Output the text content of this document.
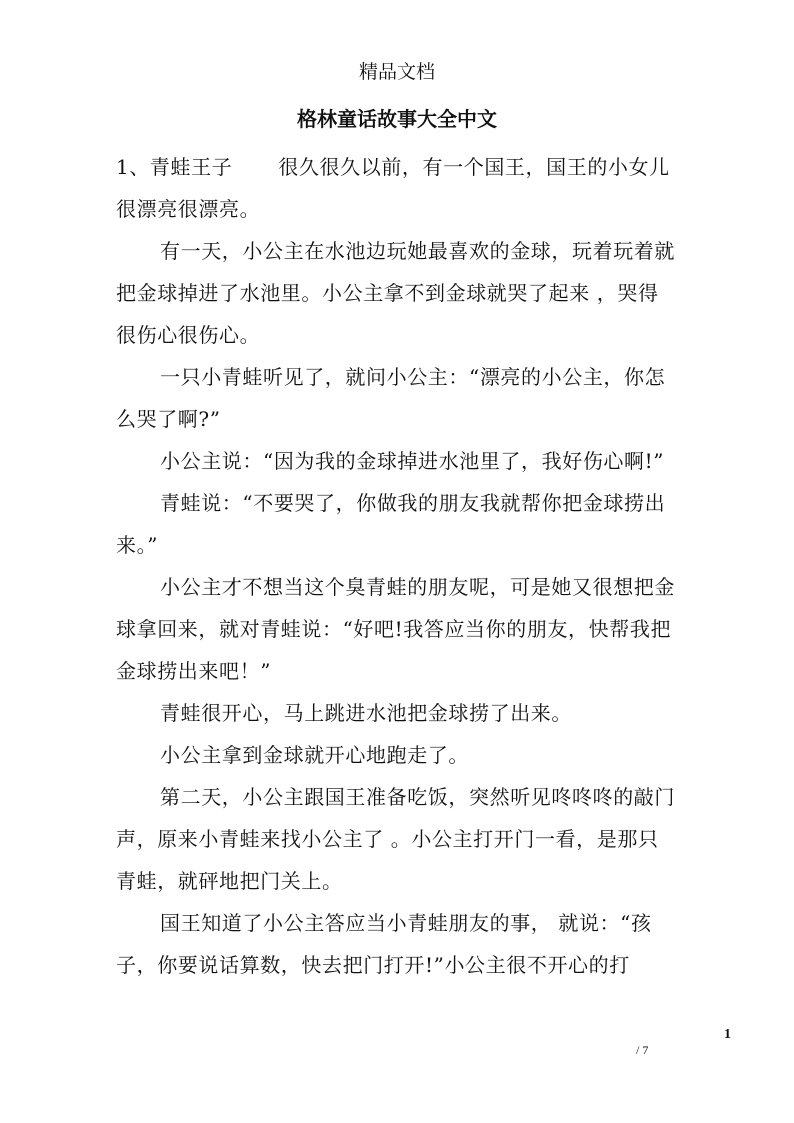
精品文档
格林童话故事大全中文

1、青蛙王子 很久很久以前，有一个国王，国王的小女儿很漂亮很漂亮。

有一天，小公主在水池边玩她最喜欢的金球，玩着玩着就把金球掉进了水池里。小公主拿不到金球就哭了起来 ，哭得很伤心很伤心。

一只小青蛙听见了，就问小公主：“漂亮的小公主，你怎么哭了啊?”

小公主说：“因为我的金球掉进水池里了，我好伤心啊!”

青蛙说：“不要哭了，你做我的朋友我就帮你把金球捞出来。”

小公主才不想当这个臭青蛙的朋友呢，可是她又很想把金球拿回来，就对青蛙说：“好吧!我答应当你的朋友，快帮我把金球捞出来吧！”

青蛙很开心，马上跳进水池把金球捞了出来。

小公主拿到金球就开心地跑走了。

第二天，小公主跟国王准备吃饭，突然听见咚咚咚的敲门声，原来小青蛙来找小公主了 。小公主打开门一看，是那只青蛙，就砰地把门关上。

国王知道了小公主答应当小青蛙朋友的事， 就说：“孩子，你要说话算数，快去把门打开!”小公主很不开心的打

1
/ 7
